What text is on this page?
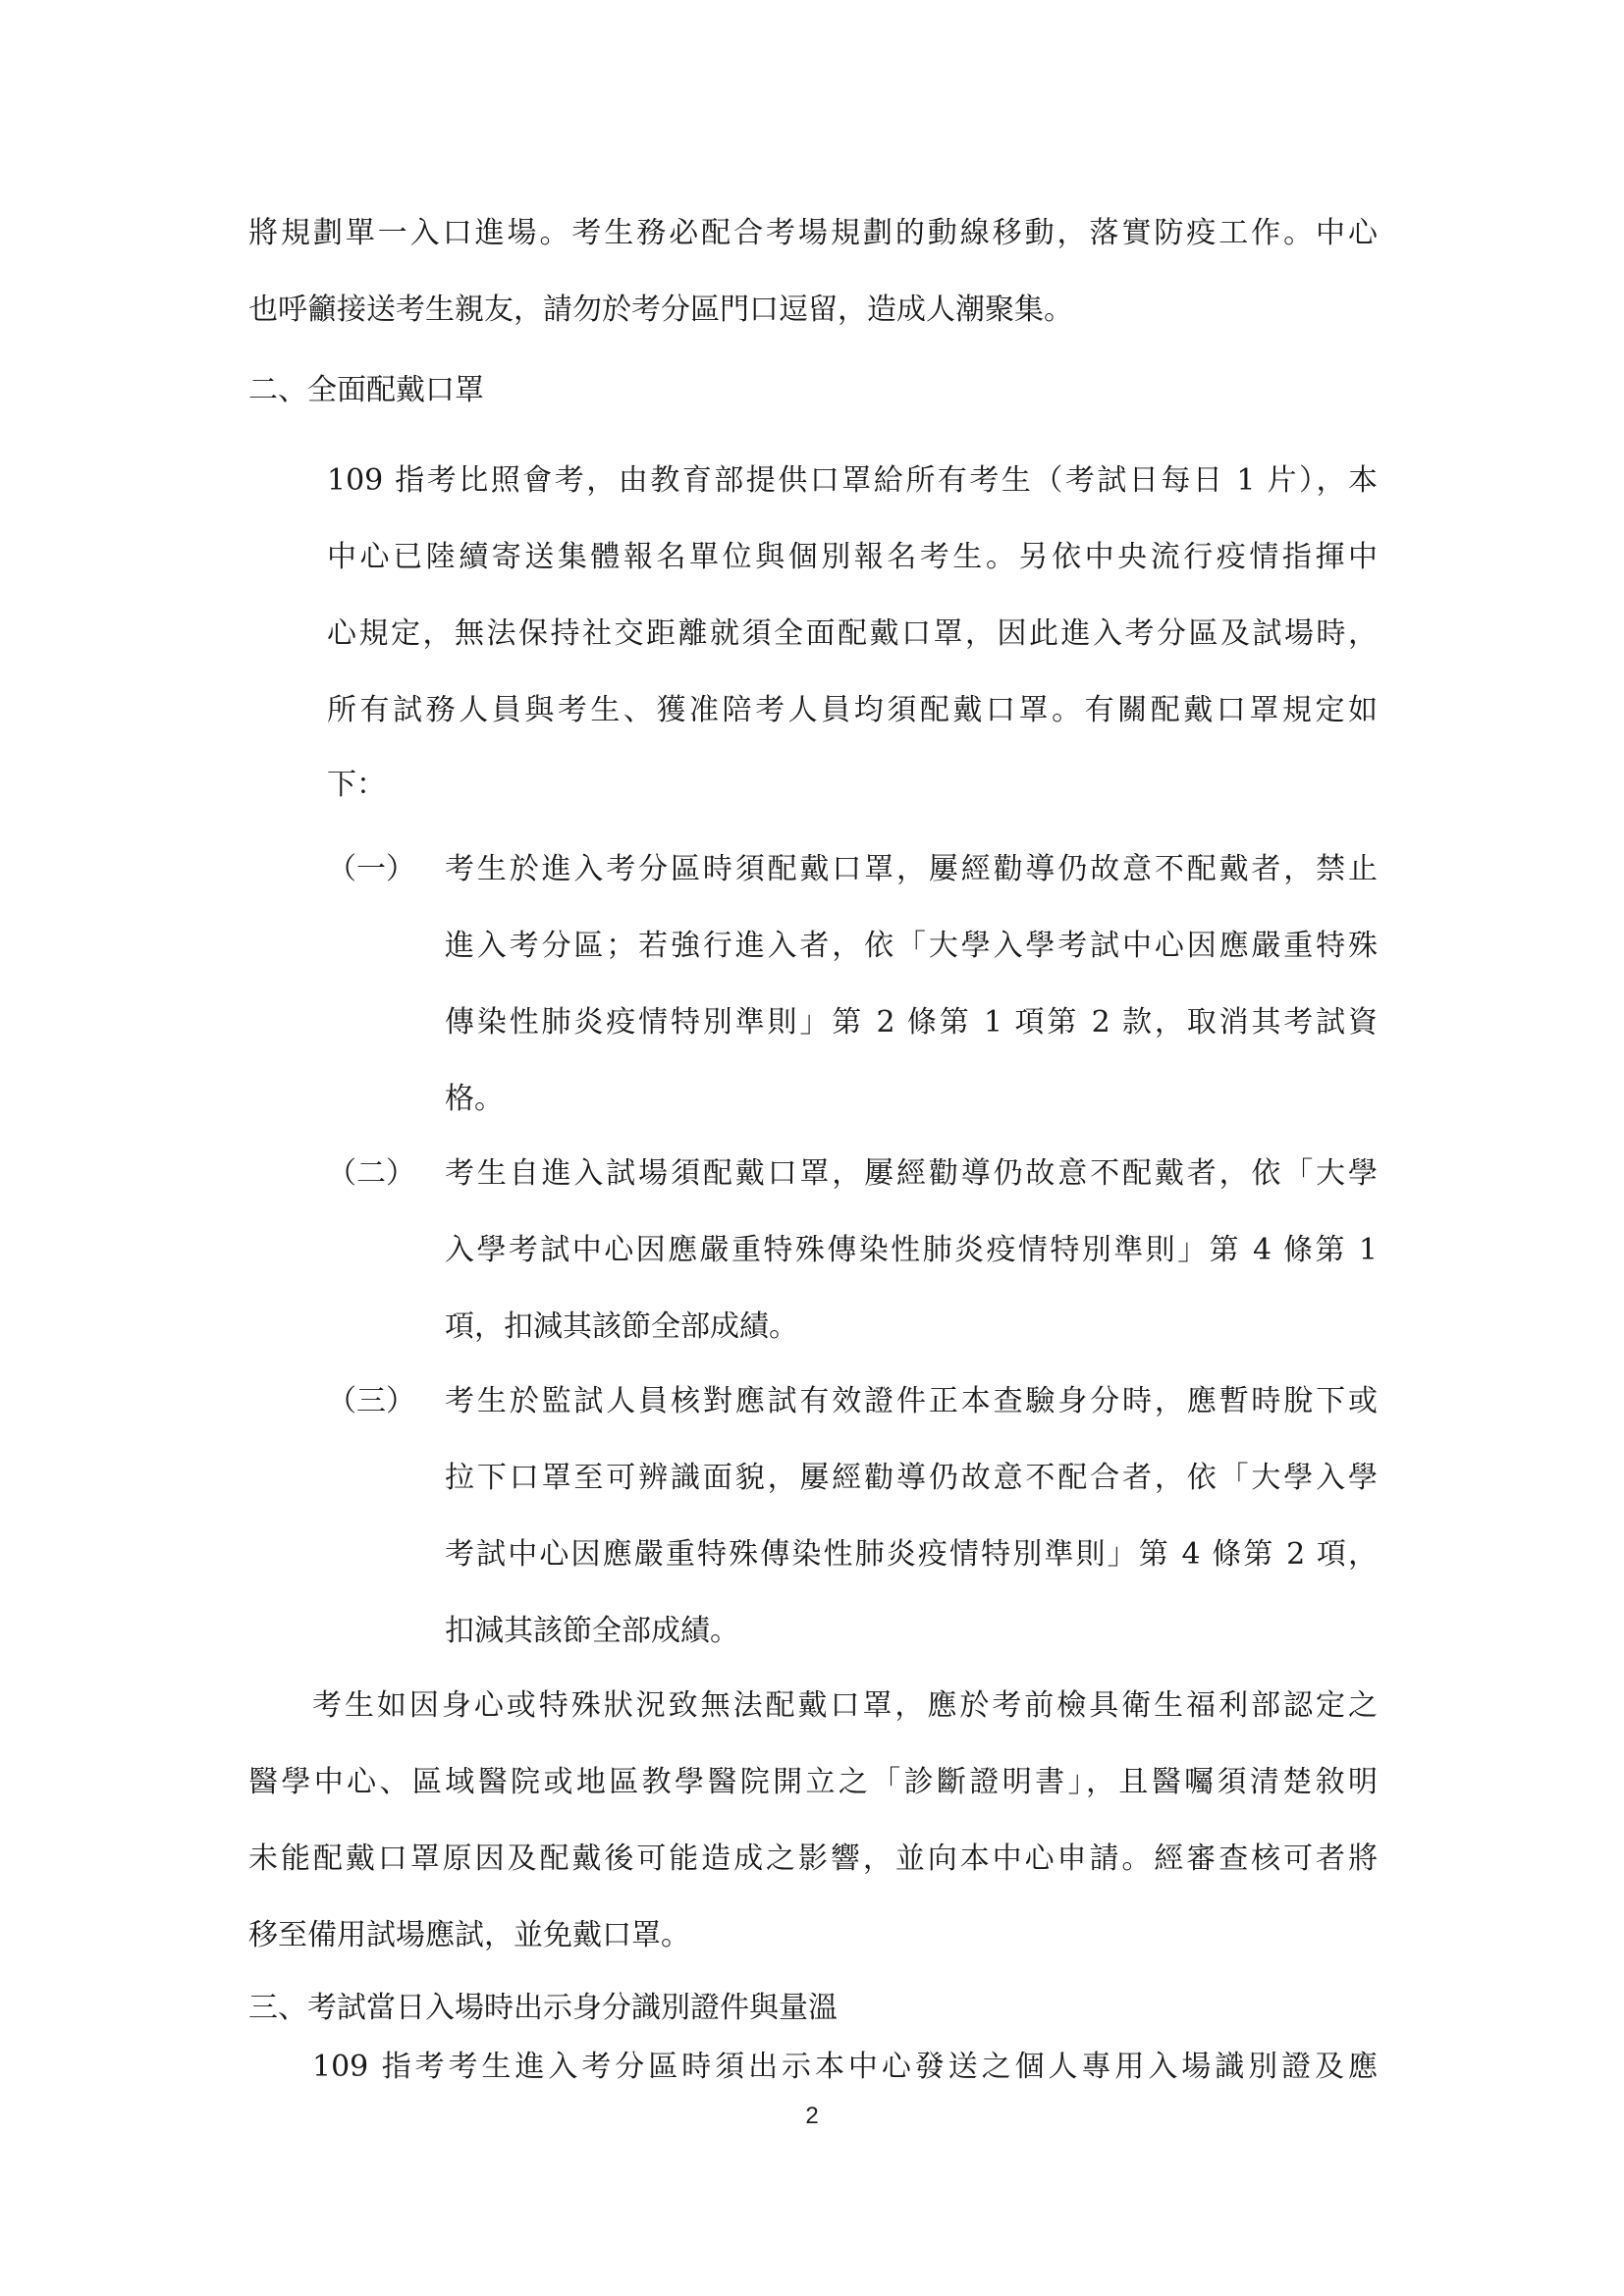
將規劃單一入口進場。考生務必配合考場規劃的動線移動，落實防疫工作。中心
也呼籲接送考生親友，請勿於考分區門口逗留，造成人潮聚集。
二、全面配戴口罩
109 指考比照會考，由教育部提供口罩給所有考生（考試日每日 1 片），本
中心已陸續寄送集體報名單位與個別報名考生。另依中央流行疫情指揮中
心規定，無法保持社交距離就須全面配戴口罩，因此進入考分區及試場時，
所有試務人員與考生、獲准陪考人員均須配戴口罩。有關配戴口罩規定如
下：
（一） 考生於進入考分區時須配戴口罩，屢經勸導仍故意不配戴者，禁止
進入考分區；若強行進入者，依「大學入學考試中心因應嚴重特殊
傳染性肺炎疫情特別準則」第 2 條第 1 項第 2 款，取消其考試資
格。
（二） 考生自進入試場須配戴口罩，屢經勸導仍故意不配戴者，依「大學
入學考試中心因應嚴重特殊傳染性肺炎疫情特別準則」第 4 條第 1
項，扣減其該節全部成績。
（三） 考生於監試人員核對應試有效證件正本查驗身分時，應暫時脫下或
拉下口罩至可辨識面貌，屢經勸導仍故意不配合者，依「大學入學
考試中心因應嚴重特殊傳染性肺炎疫情特別準則」第 4 條第 2 項，
扣減其該節全部成績。
考生如因身心或特殊狀況致無法配戴口罩，應於考前檢具衛生福利部認定之
醫學中心、區域醫院或地區教學醫院開立之「診斷證明書」，且醫囑須清楚敘明
未能配戴口罩原因及配戴後可能造成之影響，並向本中心申請。經審查核可者將
移至備用試場應試，並免戴口罩。
三、考試當日入場時出示身分識別證件與量溫
109 指考考生進入考分區時須出示本中心發送之個人專用入場識別證及應
2
